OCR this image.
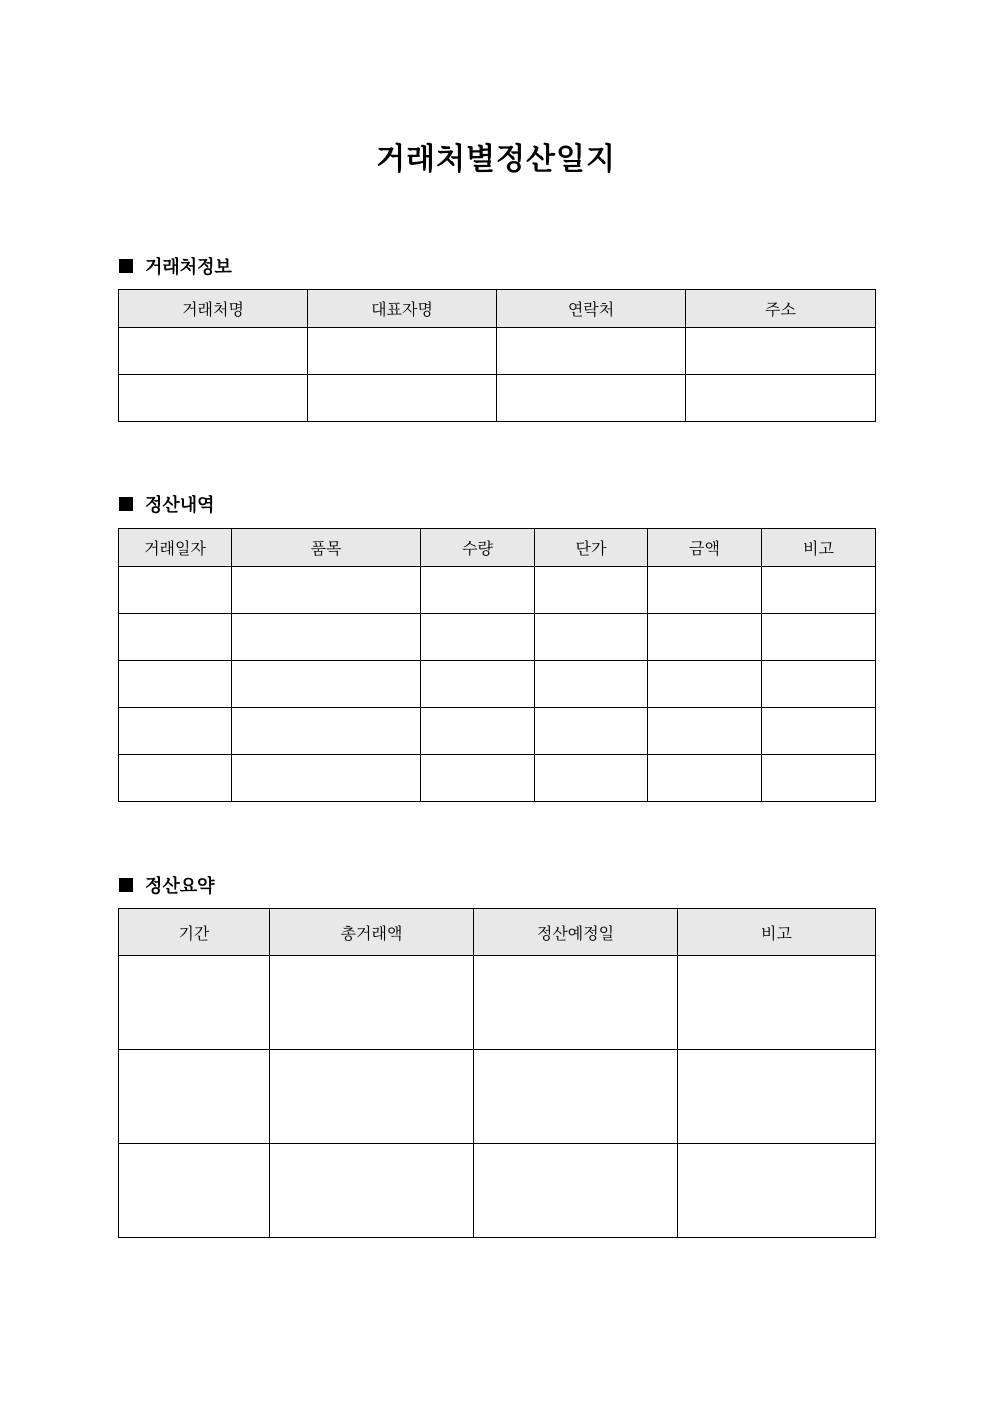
거래처별정산일지
거래처정보
거래처명	대표자명	연락처	주소

정산내역
거래일자	품목	수량	단가	금액	비고

정산요약
기간	총거래액	정산예정일	비고
